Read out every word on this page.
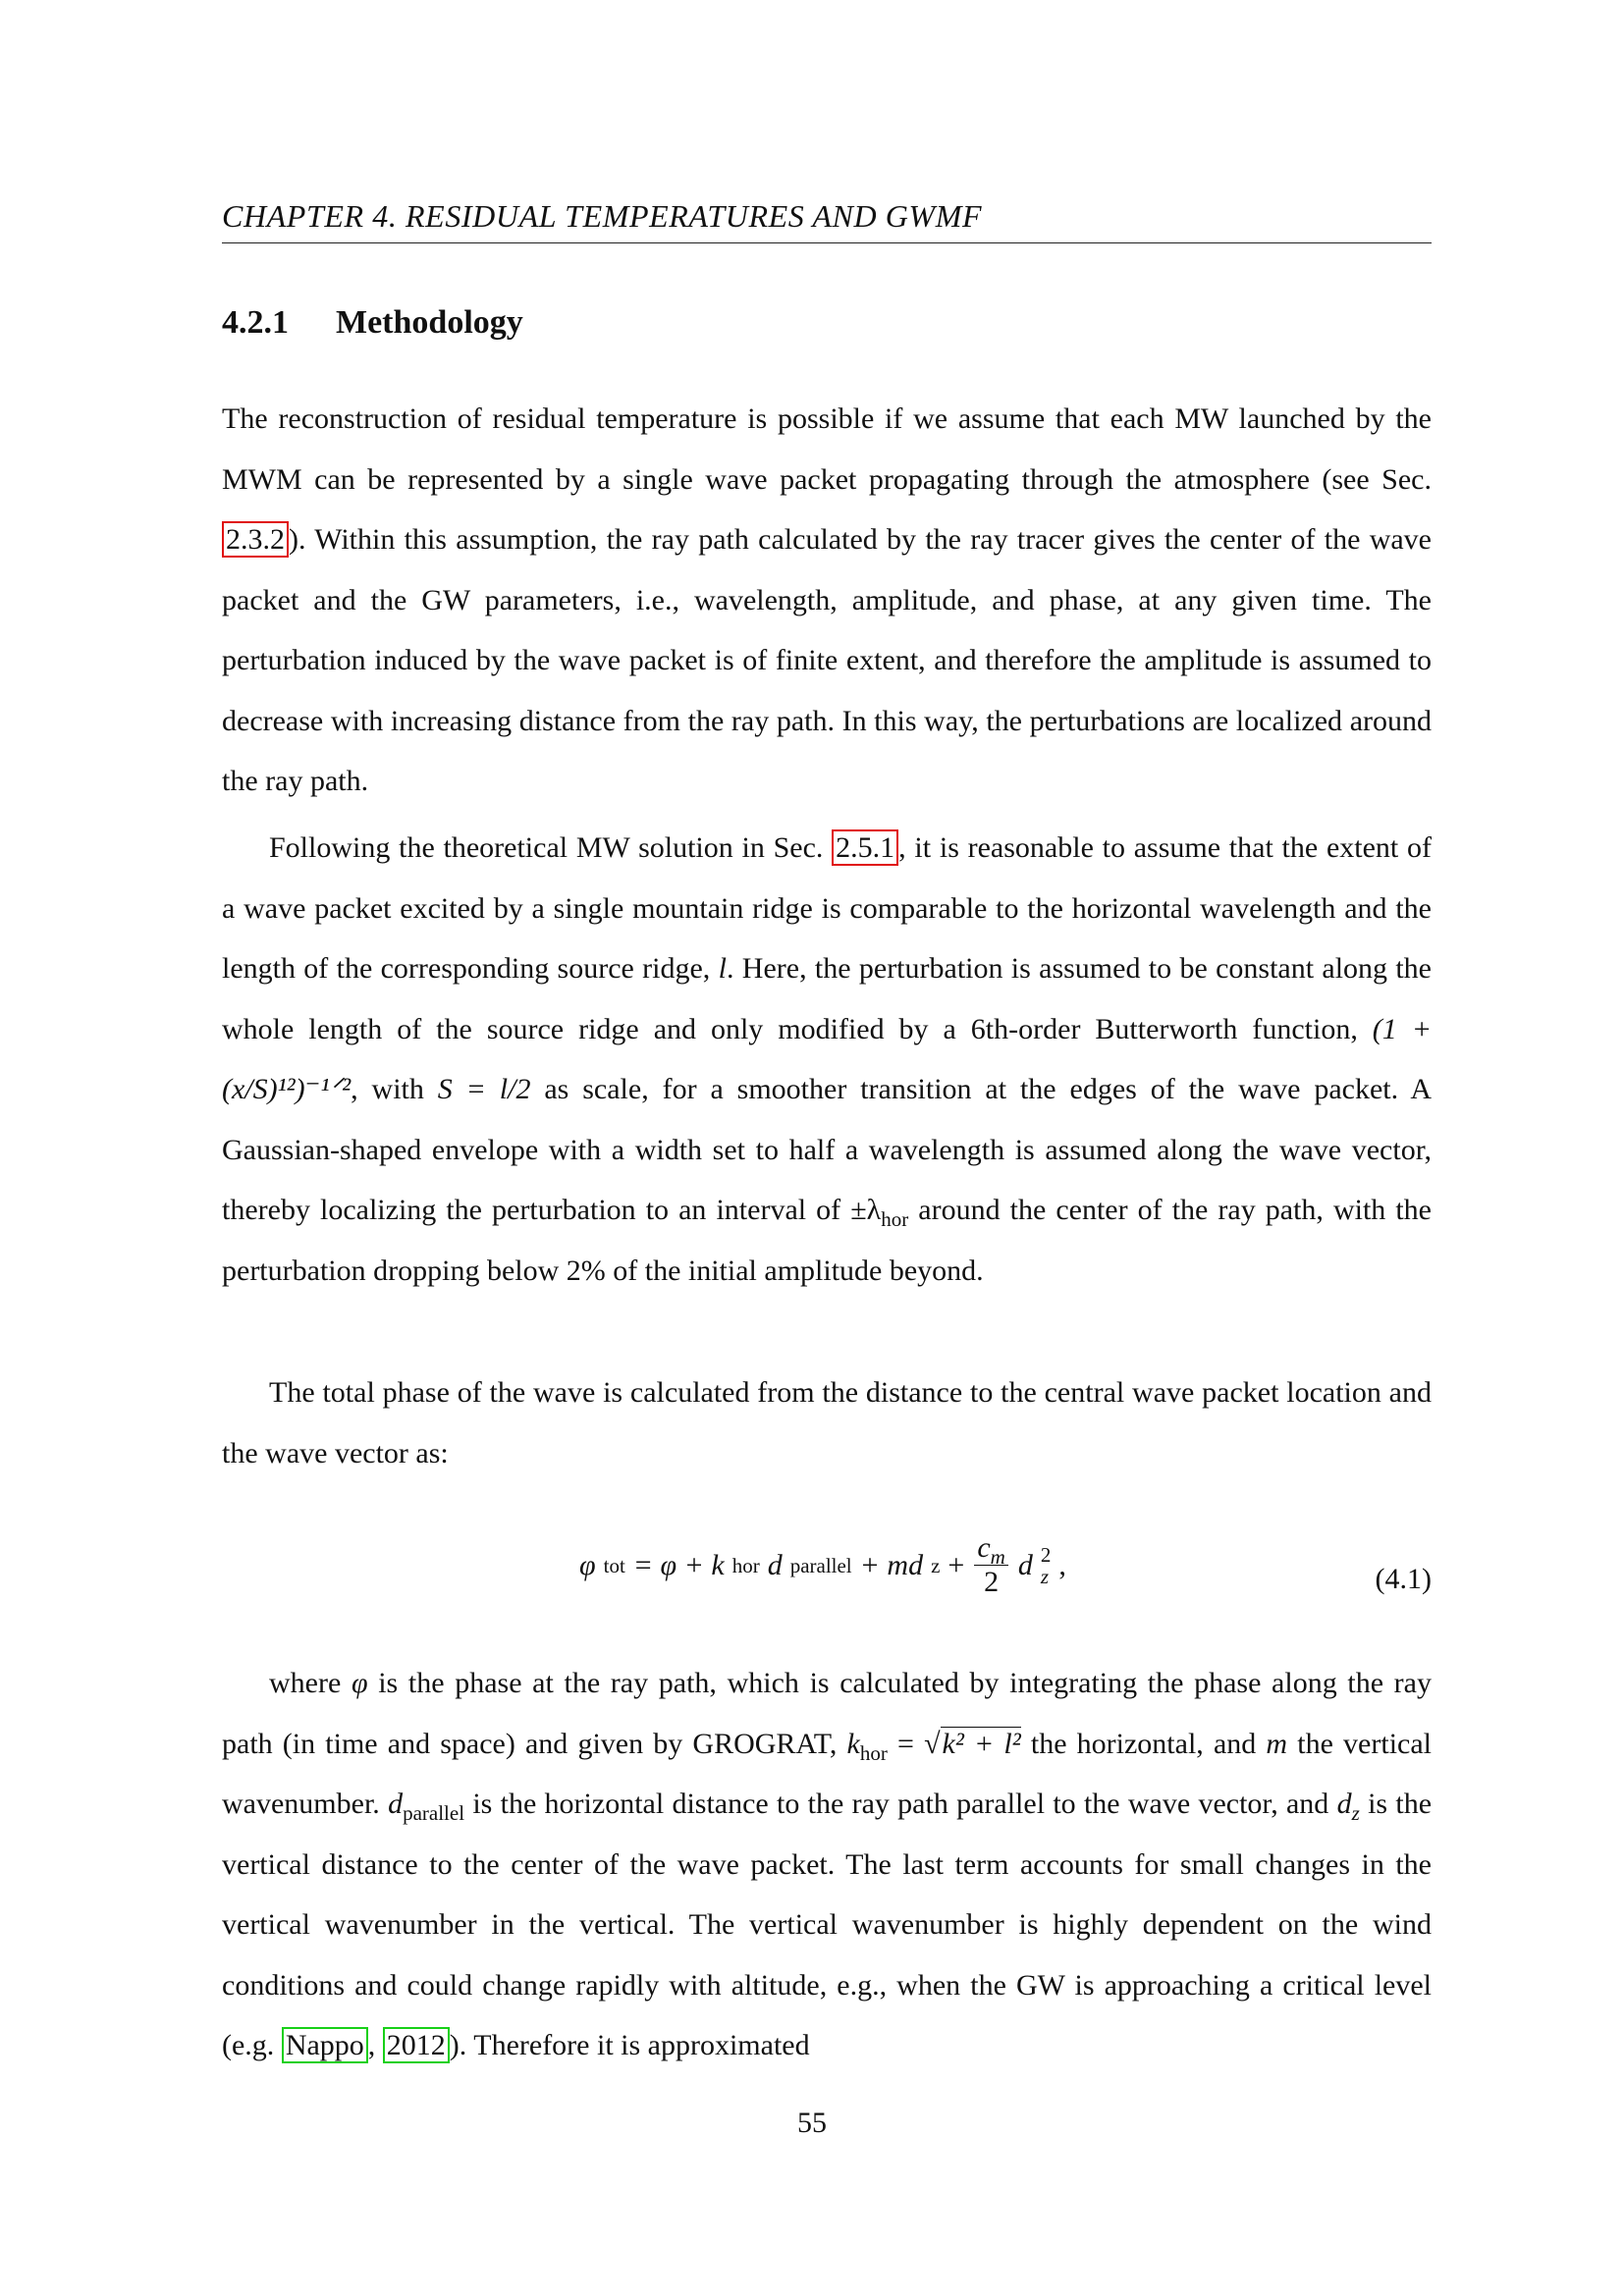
CHAPTER 4. RESIDUAL TEMPERATURES AND GWMF
4.2.1 Methodology
The reconstruction of residual temperature is possible if we assume that each MW launched by the MWM can be represented by a single wave packet propagating through the atmosphere (see Sec. 2.3.2 ). Within this assumption, the ray path calculated by the ray tracer gives the center of the wave packet and the GW parameters, i.e., wavelength, amplitude, and phase, at any given time. The perturbation induced by the wave packet is of finite extent, and therefore the amplitude is assumed to decrease with increasing distance from the ray path. In this way, the perturbations are localized around the ray path.
Following the theoretical MW solution in Sec. 2.5.1 , it is reasonable to assume that the extent of a wave packet excited by a single mountain ridge is comparable to the horizontal wavelength and the length of the corresponding source ridge, l. Here, the perturbation is assumed to be constant along the whole length of the source ridge and only modified by a 6th-order Butterworth function, (1 + (x/S)¹²)⁻¹ᐟ², with S = l/2 as scale, for a smoother transition at the edges of the wave packet. A Gaussian-shaped envelope with a width set to half a wavelength is assumed along the wave vector, thereby localizing the perturbation to an interval of $\pm\lambda_{hor}$ around the center of the ray path, with the perturbation dropping below 2% of the initial amplitude beyond.
The total phase of the wave is calculated from the distance to the central wave packet location and the wave vector as:
φ tot = φ + k hor d parallel + md $z + \frac{c_m}{2}$ d 2
z ,	(4.1)
where φ is the phase at the ray path, which is calculated by integrating the phase along the ray path (in time and space) and given by GROGRAT, $k_{hor} = √k^2 + l^2$ the horizontal, and m the vertical wavenumber. $d_{parallel}$ is the horizontal distance to the ray path parallel to the wave vector, and $d_z$ is the vertical distance to the center of the wave packet. The last term accounts for small changes in the vertical wavenumber in the vertical. The vertical wavenumber is highly dependent on the wind conditions and could change rapidly with altitude, e.g., when the GW is approaching a critical level (e.g. Nappo , 2012 ). Therefore it is approximated
55
